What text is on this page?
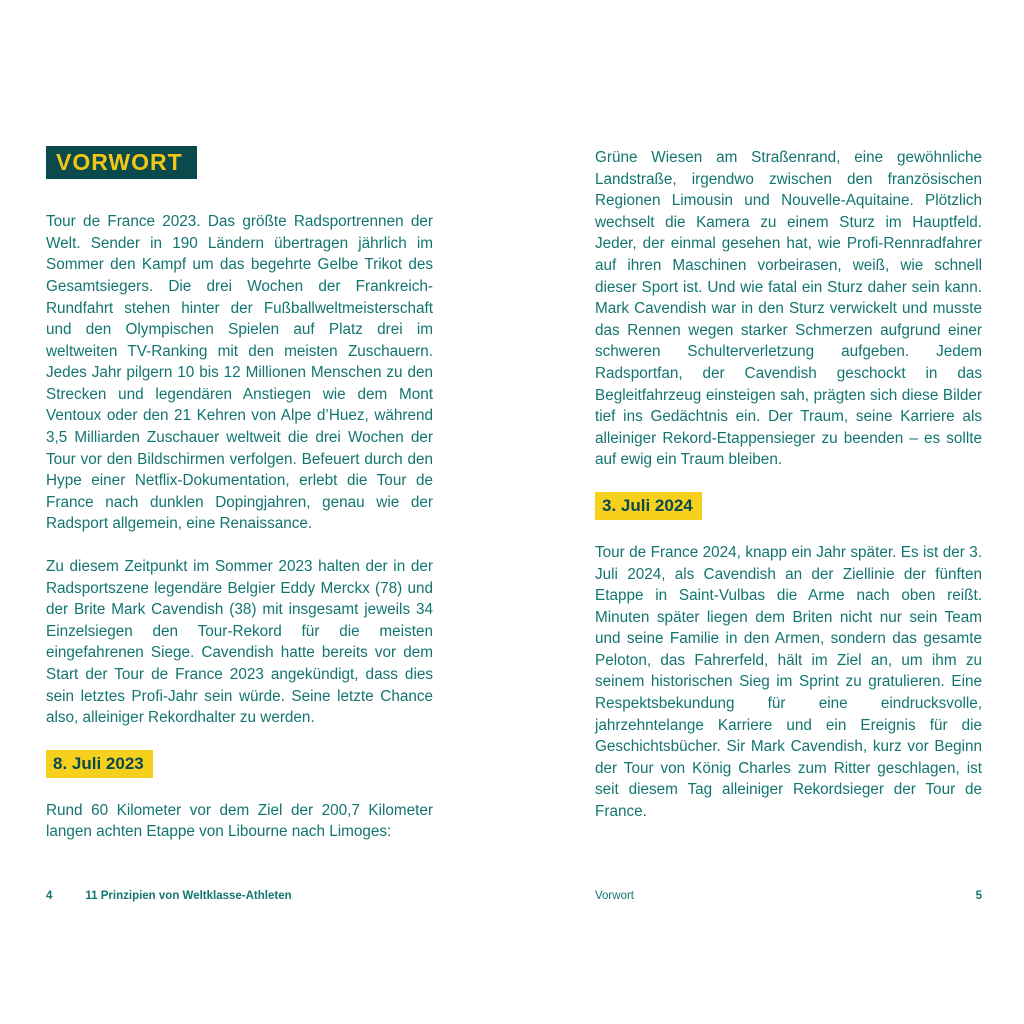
VORWORT

Tour de France 2023. Das größte Radsportrennen der Welt. Sender in 190 Ländern übertragen jährlich im Sommer den Kampf um das begehrte Gelbe Trikot des Gesamtsiegers. Die drei Wochen der Frankreich-Rundfahrt stehen hinter der Fußballweltmeisterschaft und den Olympischen Spielen auf Platz drei im weltweiten TV-Ranking mit den meisten Zuschauern. Jedes Jahr pilgern 10 bis 12 Millionen Menschen zu den Strecken und legendären Anstiegen wie dem Mont Ventoux oder den 21 Kehren von Alpe d’Huez, während 3,5 Milliarden Zuschauer weltweit die drei Wochen der Tour vor den Bildschirmen verfolgen. Befeuert durch den Hype einer Netflix-Dokumentation, erlebt die Tour de France nach dunklen Dopingjahren, genau wie der Radsport allgemein, eine Renaissance.

Zu diesem Zeitpunkt im Sommer 2023 halten der in der Radsportszene legendäre Belgier Eddy Merckx (78) und der Brite Mark Cavendish (38) mit insgesamt jeweils 34 Einzelsiegen den Tour-Rekord für die meisten eingefahrenen Siege. Cavendish hatte bereits vor dem Start der Tour de France 2023 angekündigt, dass dies sein letztes Profi-Jahr sein würde. Seine letzte Chance also, alleiniger Rekordhalter zu werden.

8. Juli 2023

Rund 60 Kilometer vor dem Ziel der 200,7 Kilometer langen achten Etappe von Libourne nach Limoges:

Grüne Wiesen am Straßenrand, eine gewöhnliche Landstraße, irgendwo zwischen den französischen Regionen Limousin und Nouvelle-Aquitaine. Plötzlich wechselt die Kamera zu einem Sturz im Hauptfeld. Jeder, der einmal gesehen hat, wie Profi-Rennradfahrer auf ihren Maschinen vorbeirasen, weiß, wie schnell dieser Sport ist. Und wie fatal ein Sturz daher sein kann. Mark Cavendish war in den Sturz verwickelt und musste das Rennen wegen starker Schmerzen aufgrund einer schweren Schulterverletzung aufgeben. Jedem Radsportfan, der Cavendish geschockt in das Begleitfahrzeug einsteigen sah, prägten sich diese Bilder tief ins Gedächtnis ein. Der Traum, seine Karriere als alleiniger Rekord-Etappensieger zu beenden – es sollte auf ewig ein Traum bleiben.

3. Juli 2024

Tour de France 2024, knapp ein Jahr später. Es ist der 3. Juli 2024, als Cavendish an der Ziellinie der fünften Etappe in Saint-Vulbas die Arme nach oben reißt. Minuten später liegen dem Briten nicht nur sein Team und seine Familie in den Armen, sondern das gesamte Peloton, das Fahrerfeld, hält im Ziel an, um ihm zu seinem historischen Sieg im Sprint zu gratulieren. Eine Respektsbekundung für eine eindrucksvolle, jahrzehntelange Karriere und ein Ereignis für die Geschichtsbücher. Sir Mark Cavendish, kurz vor Beginn der Tour von König Charles zum Ritter geschlagen, ist seit diesem Tag alleiniger Rekordsieger der Tour de France.

4	11 Prinzipien von Weltklasse-Athleten	Vorwort	5
